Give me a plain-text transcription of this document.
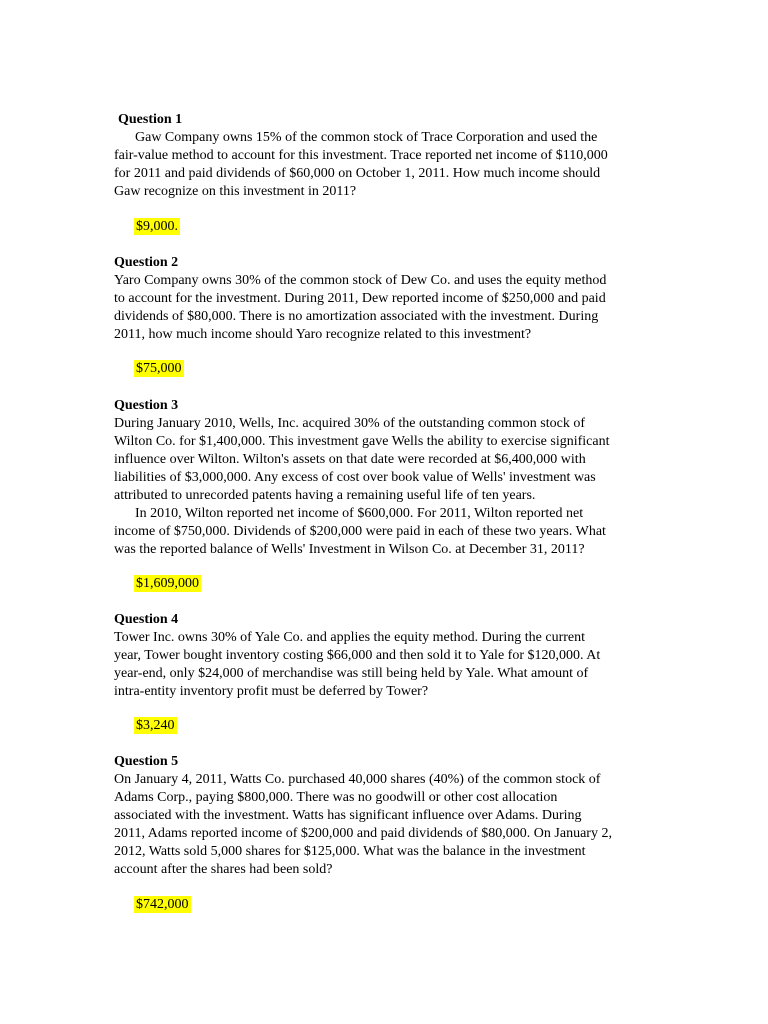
Question 1
Gaw Company owns 15% of the common stock of Trace Corporation and used the
fair-value method to account for this investment. Trace reported net income of $110,000
for 2011 and paid dividends of $60,000 on October 1, 2011. How much income should
Gaw recognize on this investment in 2011?
$9,000.
Question 2
Yaro Company owns 30% of the common stock of Dew Co. and uses the equity method
to account for the investment. During 2011, Dew reported income of $250,000 and paid
dividends of $80,000. There is no amortization associated with the investment. During
2011, how much income should Yaro recognize related to this investment?
$75,000
Question 3
During January 2010, Wells, Inc. acquired 30% of the outstanding common stock of
Wilton Co. for $1,400,000. This investment gave Wells the ability to exercise significant
influence over Wilton. Wilton's assets on that date were recorded at $6,400,000 with
liabilities of $3,000,000. Any excess of cost over book value of Wells' investment was
attributed to unrecorded patents having a remaining useful life of ten years.
In 2010, Wilton reported net income of $600,000. For 2011, Wilton reported net
income of $750,000. Dividends of $200,000 were paid in each of these two years. What
was the reported balance of Wells' Investment in Wilson Co. at December 31, 2011?
$1,609,000
Question 4
Tower Inc. owns 30% of Yale Co. and applies the equity method. During the current
year, Tower bought inventory costing $66,000 and then sold it to Yale for $120,000. At
year-end, only $24,000 of merchandise was still being held by Yale. What amount of
intra-entity inventory profit must be deferred by Tower?
$3,240
Question 5
On January 4, 2011, Watts Co. purchased 40,000 shares (40%) of the common stock of
Adams Corp., paying $800,000. There was no goodwill or other cost allocation
associated with the investment. Watts has significant influence over Adams. During
2011, Adams reported income of $200,000 and paid dividends of $80,000. On January 2,
2012, Watts sold 5,000 shares for $125,000. What was the balance in the investment
account after the shares had been sold?
$742,000
